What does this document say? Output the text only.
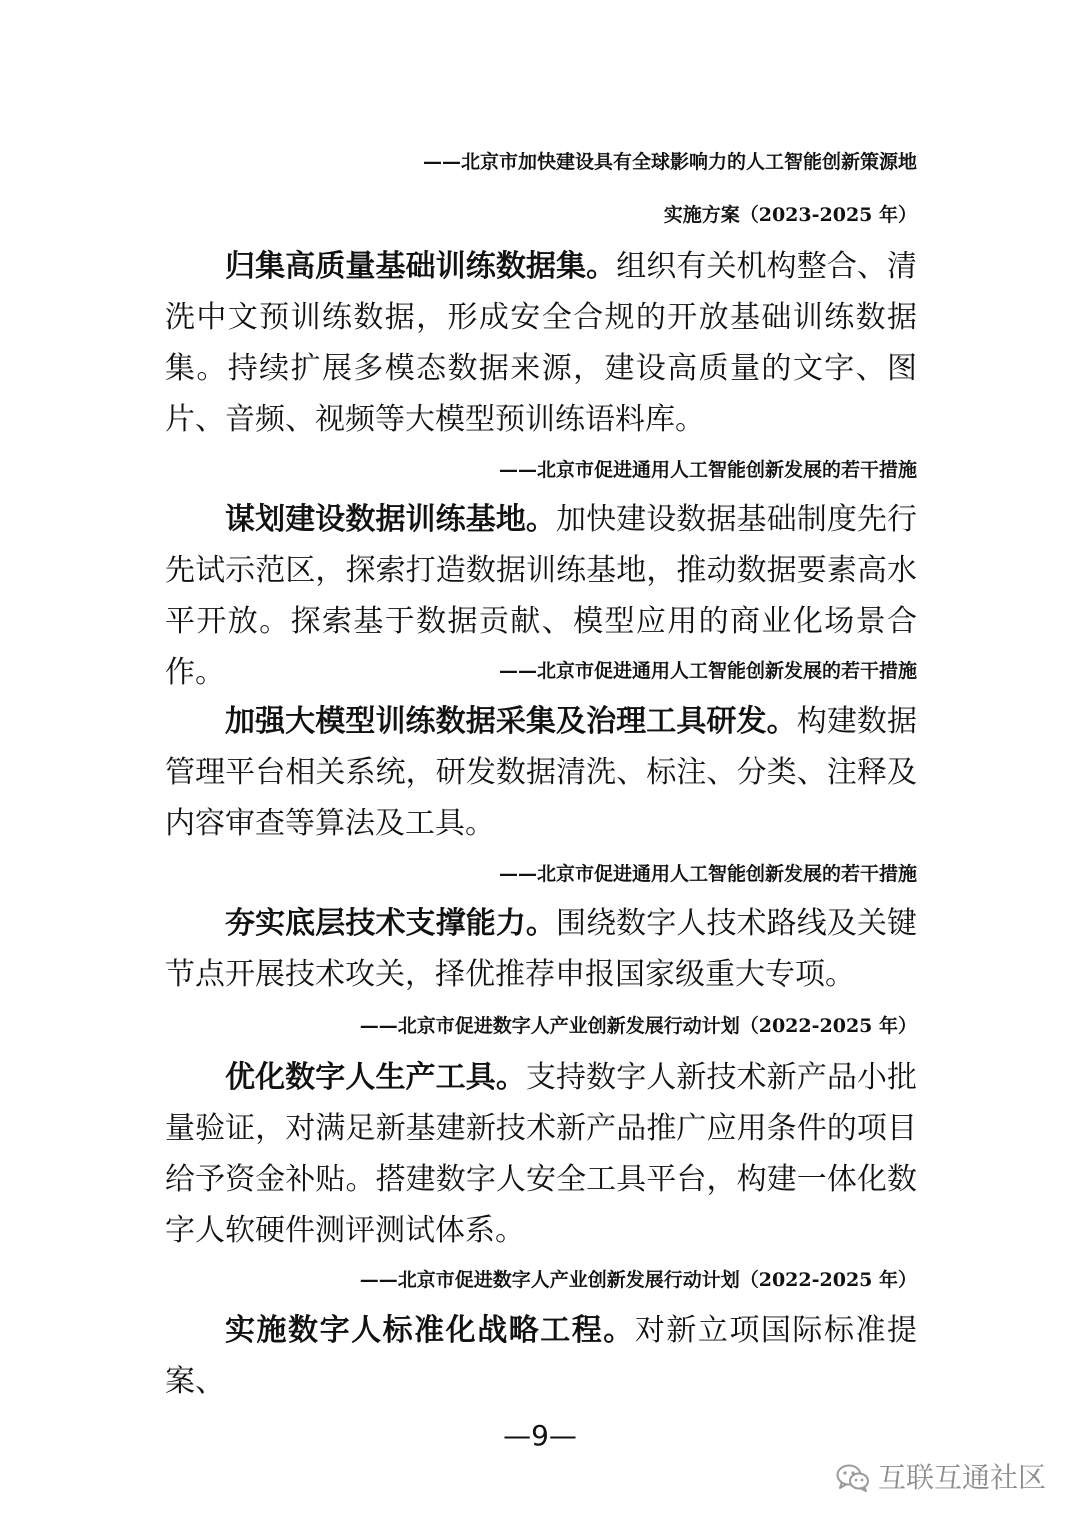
——北京市加快建设具有全球影响力的人工智能创新策源地
实施方案（2023-2025 年）

归集高质量基础训练数据集。组织有关机构整合、清洗中文预训练数据，形成安全合规的开放基础训练数据集。持续扩展多模态数据来源，建设高质量的文字、图片、音频、视频等大模型预训练语料库。

——北京市促进通用人工智能创新发展的若干措施

谋划建设数据训练基地。加快建设数据基础制度先行先试示范区，探索打造数据训练基地，推动数据要素高水平开放。探索基于数据贡献、模型应用的商业化场景合作。	——北京市促进通用人工智能创新发展的若干措施

加强大模型训练数据采集及治理工具研发。构建数据管理平台相关系统，研发数据清洗、标注、分类、注释及内容审查等算法及工具。

——北京市促进通用人工智能创新发展的若干措施

夯实底层技术支撑能力。围绕数字人技术路线及关键节点开展技术攻关，择优推荐申报国家级重大专项。

——北京市促进数字人产业创新发展行动计划（2022-2025 年）

优化数字人生产工具。支持数字人新技术新产品小批量验证，对满足新基建新技术新产品推广应用条件的项目给予资金补贴。搭建数字人安全工具平台，构建一体化数字人软硬件测评测试体系。

——北京市促进数字人产业创新发展行动计划（2022-2025 年）

实施数字人标准化战略工程。对新立项国际标准提案、

—9—
互联互通社区
